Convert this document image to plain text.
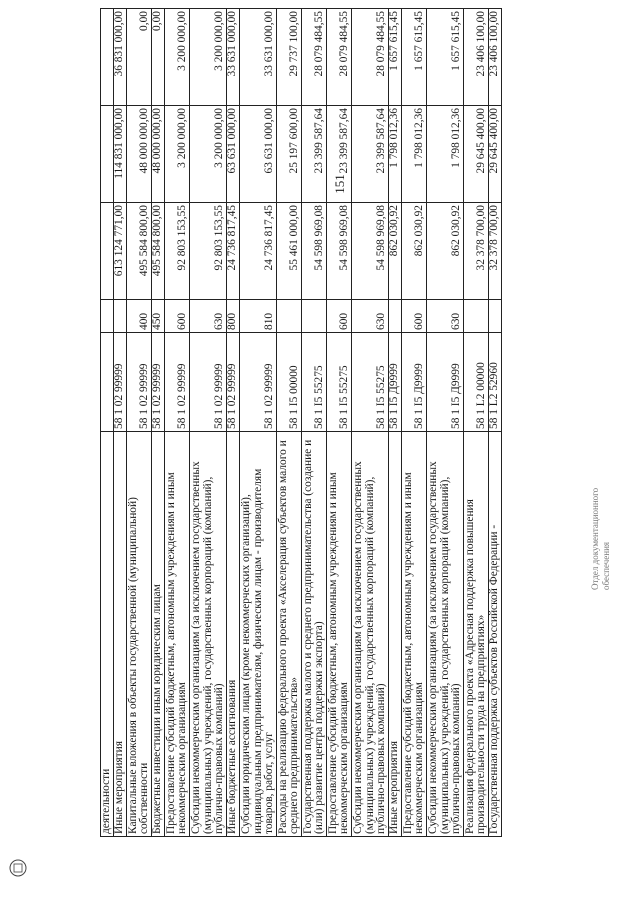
151
деятельности					
Иные мероприятия	58 1 02 99999		613 124 771,00	114 831 000,00	36 831 000,00
Капитальные вложения в объекты государственной (муниципальной) собственности	58 1 02 99999	400	495 584 800,00	48 000 000,00	0,00
Бюджетные инвестиции иным юридическим лицам	58 1 02 99999	450	495 584 800,00	48 000 000,00	0,00
Предоставление субсидий бюджетным, автономным учреждениям и иным некоммерческим организациям	58 1 02 99999	600	92 803 153,55	3 200 000,00	3 200 000,00
Субсидии некоммерческим организациям (за исключением государственных (муниципальных) учреждений, государственных корпораций (компаний), публично-правовых компаний)	58 1 02 99999	630	92 803 153,55	3 200 000,00	3 200 000,00
Иные бюджетные ассигнования	58 1 02 99999	800	24 736 817,45	63 631 000,00	33 631 000,00
Субсидии юридическим лицам (кроме некоммерческих организаций), индивидуальным предпринимателям, физическим лицам - производителям товаров, работ, услуг	58 1 02 99999	810	24 736 817,45	63 631 000,00	33 631 000,00
Расходы на реализацию федерального проекта «Акселерация субъектов малого и среднего предпринимательства»	58 1 I5 00000		55 461 000,00	25 197 600,00	29 737 100,00
Государственная поддержка малого и среднего предпринимательства (создание и (или) развитие центра поддержки экспорта)	58 1 I5 55275		54 598 969,08	23 399 587,64	28 079 484,55
Предоставление субсидий бюджетным, автономным учреждениям и иным некоммерческим организациям	58 1 I5 55275	600	54 598 969,08	23 399 587,64	28 079 484,55
Субсидии некоммерческим организациям (за исключением государственных (муниципальных) учреждений, государственных корпораций (компаний), публично-правовых компаний)	58 1 I5 55275	630	54 598 969,08	23 399 587,64	28 079 484,55
Иные мероприятия	58 1 I5 Д9999		862 030,92	1 798 012,36	1 657 615,45
Предоставление субсидий бюджетным, автономным учреждениям и иным некоммерческим организациям	58 1 I5 Д9999	600	862 030,92	1 798 012,36	1 657 615,45
Субсидии некоммерческим организациям (за исключением государственных (муниципальных) учреждений, государственных корпораций (компаний), публично-правовых компаний)	58 1 I5 Д9999	630	862 030,92	1 798 012,36	1 657 615,45
Реализация федерального проекта «Адресная поддержка повышения производительности труда на предприятиях»	58 1 L2 00000		32 378 700,00	29 645 400,00	23 406 100,00
Государственная поддержка субъектов Российской Федерации -	58 1 L2 52960		32 378 700,00	29 645 400,00	23 406 100,00
Отдел документационного обеспечения
